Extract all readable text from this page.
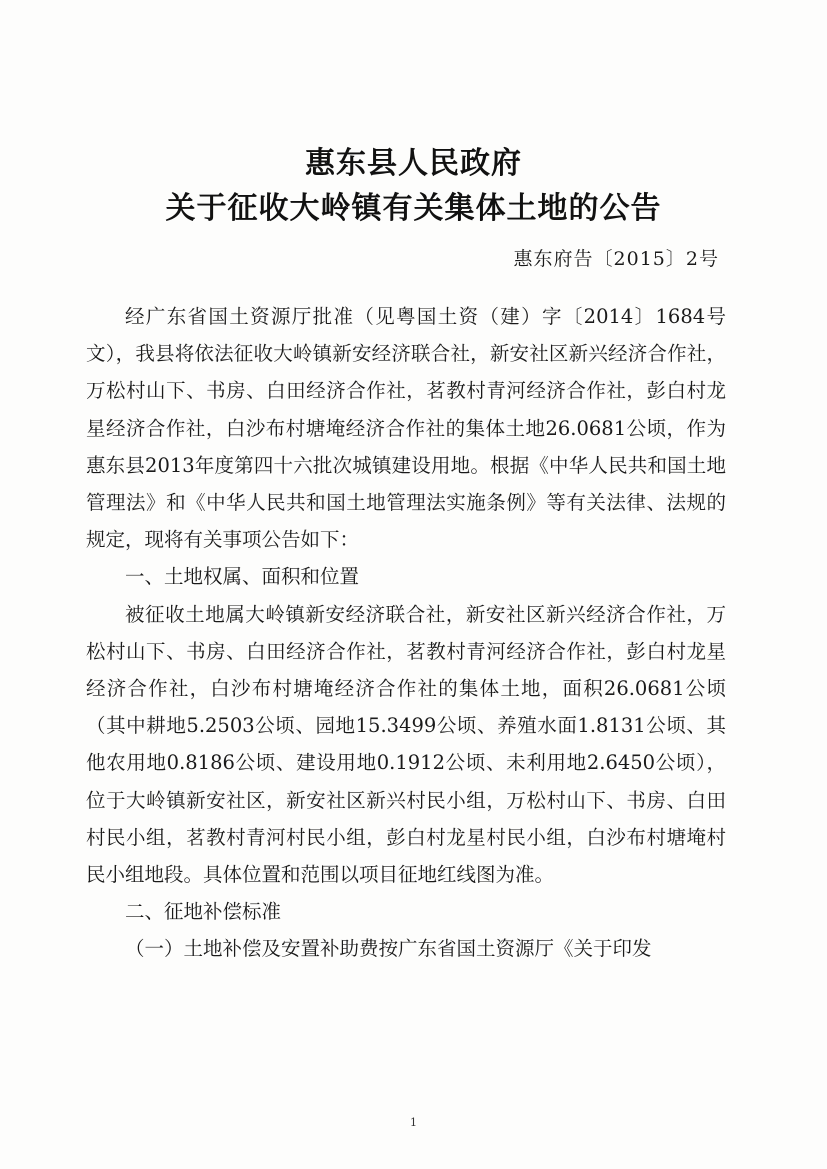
惠东县人民政府
关于征收大岭镇有关集体土地的公告
惠东府告〔2015〕2号

经广东省国土资源厅批准（见粤国土资（建）字〔2014〕1684号文），我县将依法征收大岭镇新安经济联合社，新安社区新兴经济合作社，万松村山下、书房、白田经济合作社，茗教村青河经济合作社，彭白村龙星经济合作社，白沙布村塘埯经济合作社的集体土地26.0681公顷，作为惠东县2013年度第四十六批次城镇建设用地。根据《中华人民共和国土地管理法》和《中华人民共和国土地管理法实施条例》等有关法律、法规的规定，现将有关事项公告如下：

一、土地权属、面积和位置

被征收土地属大岭镇新安经济联合社，新安社区新兴经济合作社，万松村山下、书房、白田经济合作社，茗教村青河经济合作社，彭白村龙星经济合作社，白沙布村塘埯经济合作社的集体土地，面积26.0681公顷（其中耕地5.2503公顷、园地15.3499公顷、养殖水面1.8131公顷、其他农用地0.8186公顷、建设用地0.1912公顷、未利用地2.6450公顷），位于大岭镇新安社区，新安社区新兴村民小组，万松村山下、书房、白田村民小组，茗教村青河村民小组，彭白村龙星村民小组，白沙布村塘埯村民小组地段。具体位置和范围以项目征地红线图为准。

二、征地补偿标准

（一）土地补偿及安置补助费按广东省国土资源厅《关于印发

1
